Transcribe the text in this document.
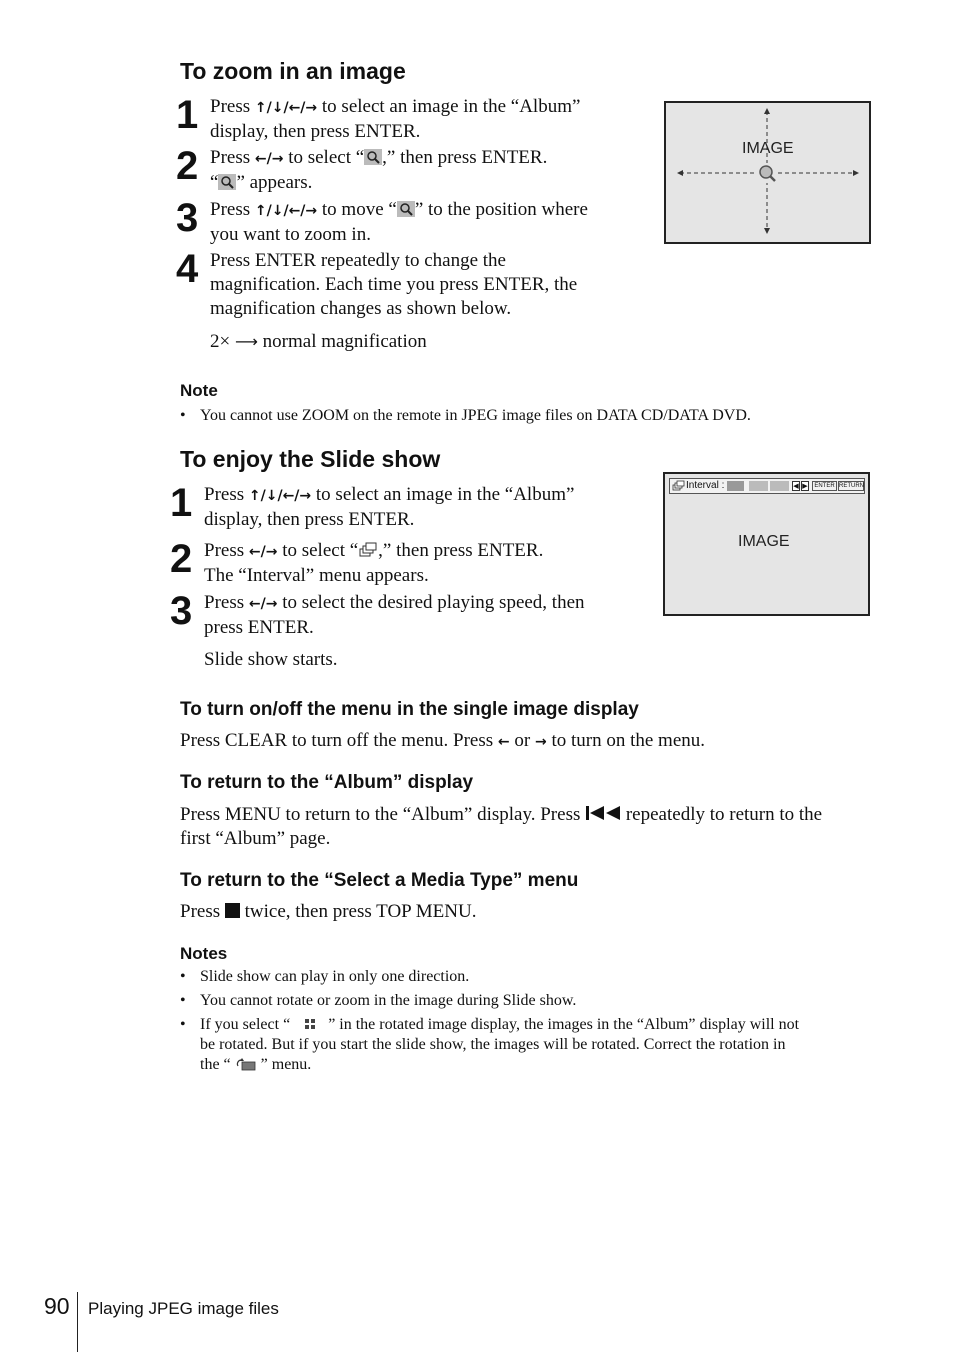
To zoom in an image
1 Press ↑/↓/←/→ to select an image in the “Album”
display, then press ENTER.
2 Press ←/→ to select “ ,” then press ENTER.
“ ” appears.
3 Press ↑/↓/←/→ to move “ ” to the position where
you want to zoom in.
4 Press ENTER repeatedly to change the
magnification. Each time you press ENTER, the
magnification changes as shown below.
2× ⟶ normal magnification
IMAGE
Note
• You cannot use ZOOM on the remote in JPEG image files on DATA CD/DATA DVD.
To enjoy the Slide show
1 Press ↑/↓/←/→ to select an image in the “Album”
display, then press ENTER.
2 Press ←/→ to select “ ,” then press ENTER.
The “Interval” menu appears.
3 Press ←/→ to select the desired playing speed, then
press ENTER.
Slide show starts.
Interval :	◀ ▶	ENTER RETURN
IMAGE
To turn on/off the menu in the single image display
Press CLEAR to turn off the menu. Press ← or → to turn on the menu.
To return to the “Album” display
Press MENU to return to the “Album” display. Press repeatedly to return to the
first “Album” page.
To return to the “Select a Media Type” menu
Press twice, then press TOP MENU.
Notes
• Slide show can play in only one direction.
• You cannot rotate or zoom in the image during Slide show.
• If you select “ ” in the rotated image display, the images in the “Album” display will not
be rotated. But if you start the slide show, the images will be rotated. Correct the rotation in
the “ ” menu.
90 Playing JPEG image files
